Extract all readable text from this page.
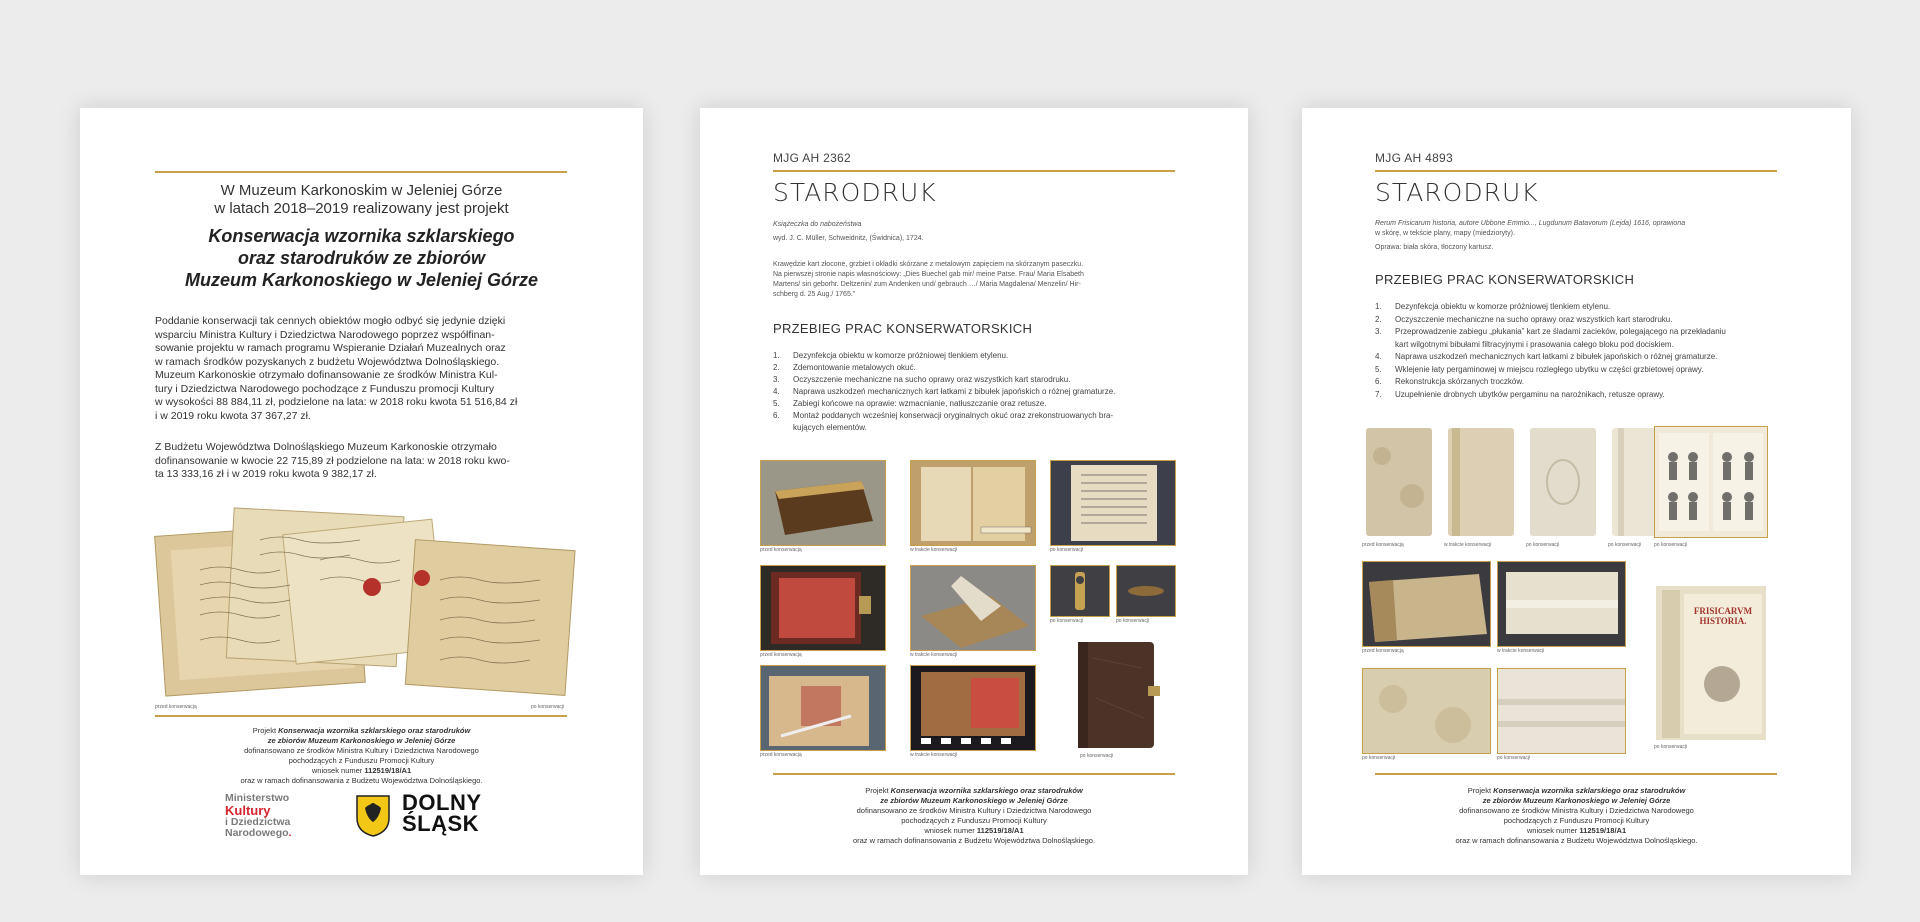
W Muzeum Karkonoskim w Jeleniej Górze
w latach 2018–2019 realizowany jest projekt
Konserwacja wzornika szklarskiego
oraz starodruków ze zbiorów
Muzeum Karkonoskiego w Jeleniej Górze
Poddanie konserwacji tak cennych obiektów mogło odbyć się jedynie dzięki
wsparciu Ministra Kultury i Dziedzictwa Narodowego poprzez współfinan-
sowanie projektu w ramach programu Wspieranie Działań Muzealnych oraz
w ramach środków pozyskanych z budżetu Województwa Dolnośląskiego.
Muzeum Karkonoskie otrzymało dofinansowanie ze środków Ministra Kul-
tury i Dziedzictwa Narodowego pochodzące z Funduszu promocji Kultury
w wysokości 88 884,11 zł, podzielone na lata: w 2018 roku kwota 51 516,84 zł
i w 2019 roku kwota 37 367,27 zł.
Z Budżetu Województwa Dolnośląskiego Muzeum Karkonoskie otrzymało
dofinansowanie w kwocie 22 715,89 zł podzielone na lata: w 2018 roku kwo-
ta 13 333,16 zł i w 2019 roku kwota 9 382,17 zł.
przed konserwacją	po konserwacji
Projekt Konserwacja wzornika szklarskiego oraz starodruków
ze zbiorów Muzeum Karkonoskiego w Jeleniej Górze
dofinansowano ze środków Ministra Kultury i Dziedzictwa Narodowego
pochodzących z Funduszu Promocji Kultury
wniosek numer 112519/18/A1
oraz w ramach dofinansowania z Budżetu Województwa Dolnośląskiego.
Ministerstwo
Kultury
i Dziedzictwa
Narodowego.
DOLNY
ŚLĄSK
MJG AH 2362
STARODRUK
Książeczka do nabożeństwa
wyd. J. C. Müller, Schweidnitz, (Świdnica), 1724.
Krawędzie kart złocone, grzbiet i okładki skórzane z metalowym zapięciem na skórzanym paseczku.
Na pierwszej stronie napis własnościowy: „Dies Buechel gab mir/ meine Patse. Frau/ Maria Elsabeth
Martens/ sin geborhr. Deltzenin/ zum Andenken und/ gebrauch …/ Maria Magdalena/ Menzelin/ Hir-
schberg d. 25 Aug./ 1765.”
PRZEBIEG PRAC KONSERWATORSKICH
1. Dezynfekcja obiektu w komorze próżniowej tlenkiem etylenu.
2. Zdemontowanie metalowych okuć.
3. Oczyszczenie mechaniczne na sucho oprawy oraz wszystkich kart starodruku.
4. Naprawa uszkodzeń mechanicznych kart łatkami z bibułek japońskich o różnej gramaturze.
5. Zabiegi końcowe na oprawie: wzmacnianie, natłuszczanie oraz retusze.
6. Montaż poddanych wcześniej konserwacji oryginalnych okuć oraz zrekonstruowanych bra-
kujących elementów.
przed konserwacją	w trakcie konserwacji	po konserwacji
przed konserwacją	w trakcie konserwacji
po konserwacji	po konserwacji
przed konserwacją	w trakcie konserwacji	po konserwacji
Projekt Konserwacja wzornika szklarskiego oraz starodruków
ze zbiorów Muzeum Karkonoskiego w Jeleniej Górze
dofinansowano ze środków Ministra Kultury i Dziedzictwa Narodowego
pochodzących z Funduszu Promocji Kultury
wniosek numer 112519/18/A1
oraz w ramach dofinansowania z Budżetu Województwa Dolnośląskiego.
MJG AH 4893
STARODRUK
Rerum Frisicarum historia, autore Ubbone Emmio..., Lugdunum Batavorum (Lejda) 1616, oprawiona
w skórę, w tekście plany, mapy (miedzioryty).
Oprawa: biała skóra, tłoczony kartusz.
PRZEBIEG PRAC KONSERWATORSKICH
1. Dezynfekcja obiektu w komorze próżniowej tlenkiem etylenu.
2. Oczyszczenie mechaniczne na sucho oprawy oraz wszystkich kart starodruku.
3. Przeprowadzenie zabiegu „płukania” kart ze śladami zacieków, polegającego na przekładaniu
kart wilgotnymi bibułami filtracyjnymi i prasowania całego bloku pod dociskiem.
4. Naprawa uszkodzeń mechanicznych kart łatkami z bibułek japońskich o różnej gramaturze.
5. Wklejenie łaty pergaminowej w miejscu rozległego ubytku w części grzbietowej oprawy.
6. Rekonstrukcja skórzanych troczków.
7. Uzupełnienie drobnych ubytków pergaminu na narożnikach, retusze oprawy.
przed konserwacją	w trakcie konserwacji	po konserwacji	po konserwacji	po konserwacji
przed konserwacją	w trakcie konserwacji
FRISICARVM HISTORIA.
po konserwacji
po konserwacji	po konserwacji
Projekt Konserwacja wzornika szklarskiego oraz starodruków
ze zbiorów Muzeum Karkonoskiego w Jeleniej Górze
dofinansowano ze środków Ministra Kultury i Dziedzictwa Narodowego
pochodzących z Funduszu Promocji Kultury
wniosek numer 112519/18/A1
oraz w ramach dofinansowania z Budżetu Województwa Dolnośląskiego.
